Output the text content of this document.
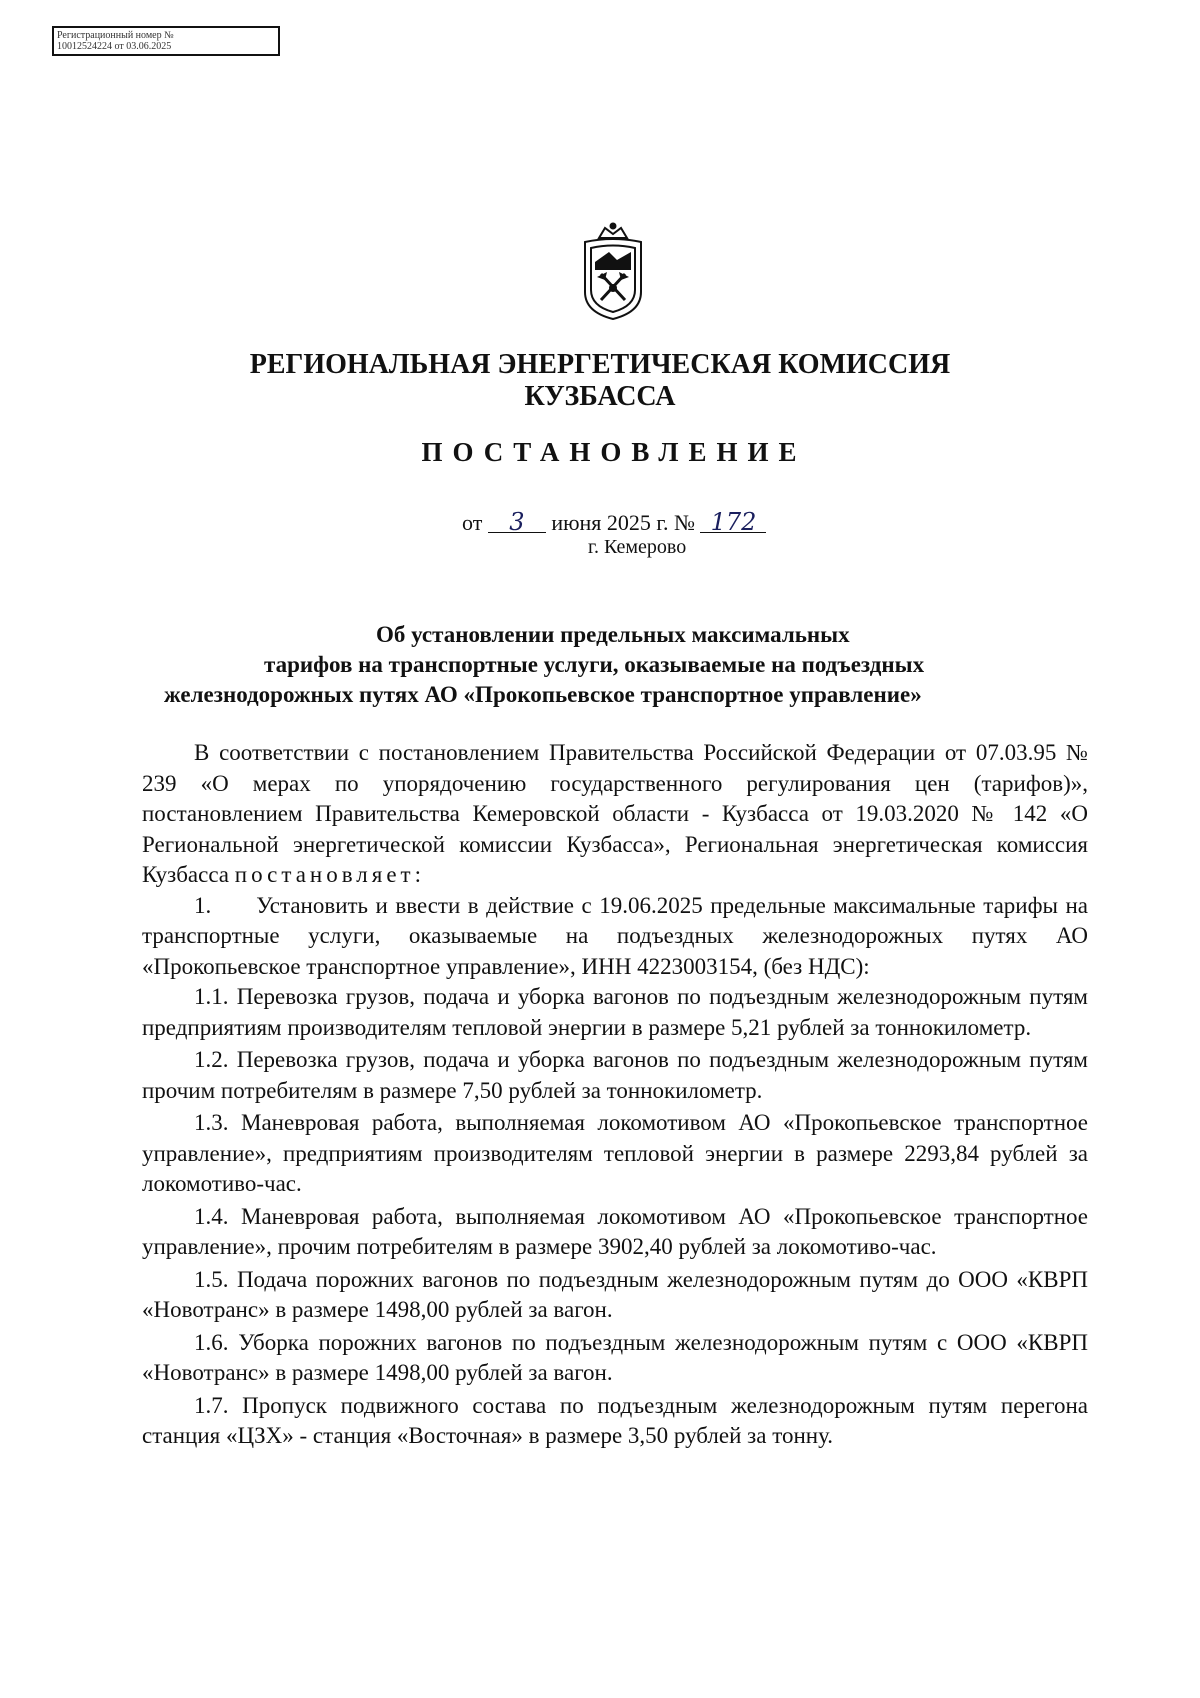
Регистрационный номер №
10012524224 от 03.06.2025
РЕГИОНАЛЬНАЯ ЭНЕРГЕТИЧЕСКАЯ КОМИССИЯ
КУЗБАССА
ПОСТАНОВЛЕНИЕ
от 3 июня 2025 г. № 172
г. Кемерово
Об установлении предельных максимальных
тарифов на транспортные услуги, оказываемые на подъездных
железнодорожных путях АО «Прокопьевское транспортное управление»

В соответствии с постановлением Правительства Российской Федерации от 07.03.95 № 239 «О мерах по упорядочению государственного регулирования цен (тарифов)», постановлением Правительства Кемеровской области - Кузбасса от 19.03.2020 № 142 «О Региональной энергетической комиссии Кузбасса», Региональная энергетическая комиссия Кузбасса постановляет:

1.      Установить и ввести в действие с 19.06.2025 предельные максимальные тарифы на транспортные услуги, оказываемые на подъездных железнодорожных путях АО «Прокопьевское транспортное управление», ИНН 4223003154, (без НДС):

1.1. Перевозка грузов, подача и уборка вагонов по подъездным железнодорожным путям предприятиям производителям тепловой энергии в размере 5,21 рублей за тоннокилометр.

1.2. Перевозка грузов, подача и уборка вагонов по подъездным железнодорожным путям прочим потребителям в размере 7,50 рублей за тоннокилометр.

1.3. Маневровая работа, выполняемая локомотивом АО «Прокопьевское транспортное управление», предприятиям производителям тепловой энергии в размере 2293,84 рублей за локомотиво-час.

1.4. Маневровая работа, выполняемая локомотивом АО «Прокопьевское транспортное управление», прочим потребителям в размере 3902,40 рублей за локомотиво-час.

1.5. Подача порожних вагонов по подъездным железнодорожным путям до ООО «КВРП «Новотранс» в размере 1498,00 рублей за вагон.

1.6. Уборка порожних вагонов по подъездным железнодорожным путям с ООО «КВРП «Новотранс» в размере 1498,00 рублей за вагон.

1.7. Пропуск подвижного состава по подъездным железнодорожным путям перегона станция «ЦЗХ» - станция «Восточная» в размере 3,50 рублей за тонну.
